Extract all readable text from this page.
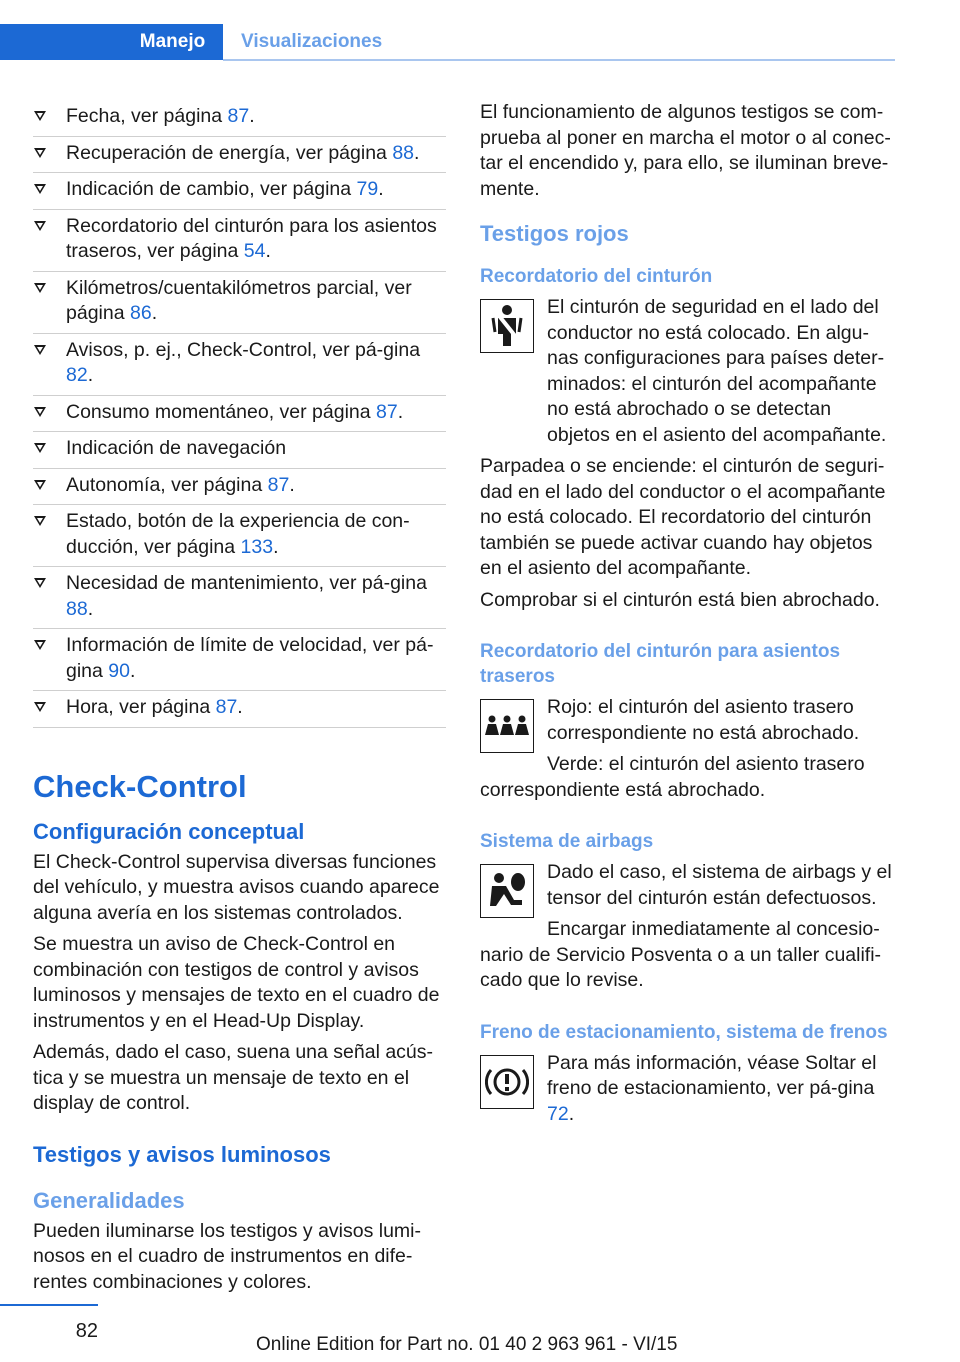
Manejo	Visualizaciones
Fecha, ver página 87.
Recuperación de energía, ver página 88.
Indicación de cambio, ver página 79.
Recordatorio del cinturón para los asientos traseros, ver página 54.
Kilómetros/cuentakilómetros parcial, ver página 86.
Avisos, p. ej., Check-Control, ver pá-gina 82.
Consumo momentáneo, ver página 87.
Indicación de navegación
Autonomía, ver página 87.
Estado, botón de la experiencia de con-ducción, ver página 133.
Necesidad de mantenimiento, ver pá-gina 88.
Información de límite de velocidad, ver pá-gina 90.
Hora, ver página 87.
Check-Control
Configuración conceptual

El Check-Control supervisa diversas funciones del vehículo, y muestra avisos cuando aparece alguna avería en los sistemas controlados.

Se muestra un aviso de Check-Control en combinación con testigos de control y avisos luminosos y mensajes de texto en el cuadro de instrumentos y en el Head-Up Display.

Además, dado el caso, suena una señal acús-tica y se muestra un mensaje de texto en el display de control.

Testigos y avisos luminosos
Generalidades

Pueden iluminarse los testigos y avisos lumi-nosos en el cuadro de instrumentos en dife-rentes combinaciones y colores.

El funcionamiento de algunos testigos se com-prueba al poner en marcha el motor o al conec-tar el encendido y, para ello, se iluminan breve-mente.

Testigos rojos
Recordatorio del cinturón

El cinturón de seguridad en el lado del conductor no está colocado. En algu-nas configuraciones para países deter-minados: el cinturón del acompañante no está abrochado o se detectan objetos en el asiento del acompañante.

Parpadea o se enciende: el cinturón de seguri-dad en el lado del conductor o el acompañante no está colocado. El recordatorio del cinturón también se puede activar cuando hay objetos en el asiento del acompañante.

Comprobar si el cinturón está bien abrochado.

Recordatorio del cinturón para asientos traseros

Rojo: el cinturón del asiento trasero correspondiente no está abrochado.

Verde: el cinturón del asiento trasero correspondiente está abrochado.

Sistema de airbags

Dado el caso, el sistema de airbags y el tensor del cinturón están defectuosos.

Encargar inmediatamente al concesio-nario de Servicio Posventa o a un taller cualifi-cado que lo revise.

Freno de estacionamiento, sistema de frenos

Para más información, véase Soltar el freno de estacionamiento, ver pá-gina 72.

82
Online Edition for Part no. 01 40 2 963 961 - VI/15
